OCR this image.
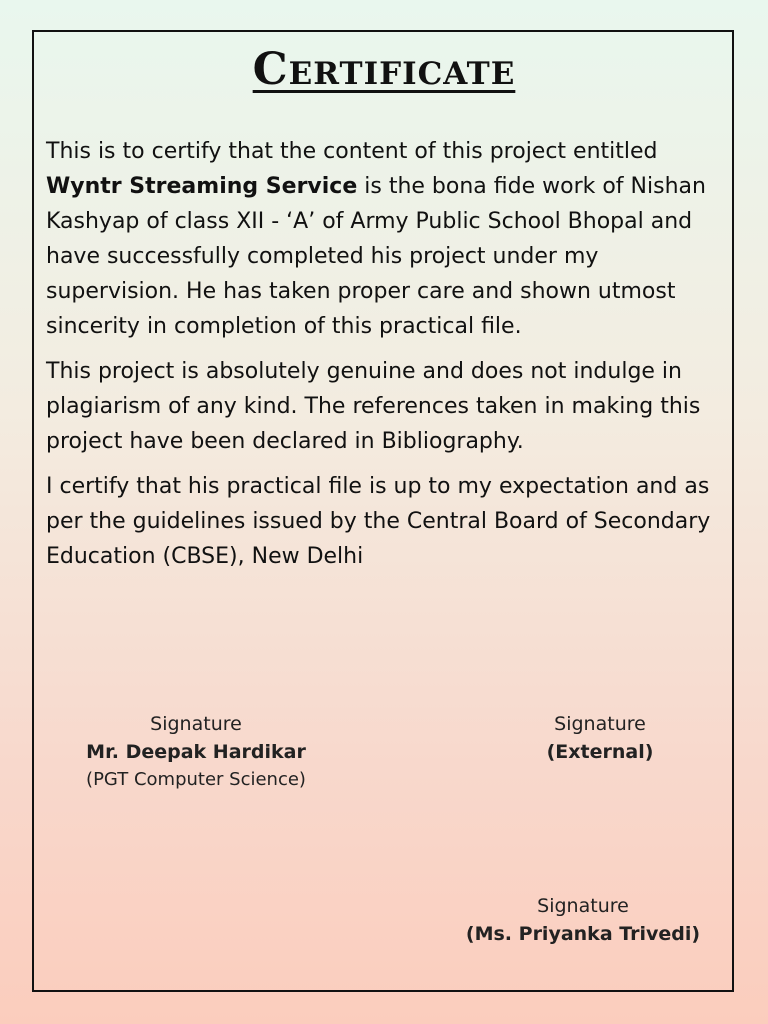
Certificate

This is to certify that the content of this project entitled Wyntr Streaming Service is the bona fide work of Nishan Kashyap of class XII - ‘A’ of Army Public School Bhopal and have successfully completed his project under my supervision. He has taken proper care and shown utmost sincerity in completion of this practical file.

This project is absolutely genuine and does not indulge in plagiarism of any kind. The references taken in making this project have been declared in Bibliography.

I certify that his practical file is up to my expectation and as per the guidelines issued by the Central Board of Secondary Education (CBSE), New Delhi

Signature
Mr. Deepak Hardikar
(PGT Computer Science)
Signature
(External)
Signature
(Ms. Priyanka Trivedi)
